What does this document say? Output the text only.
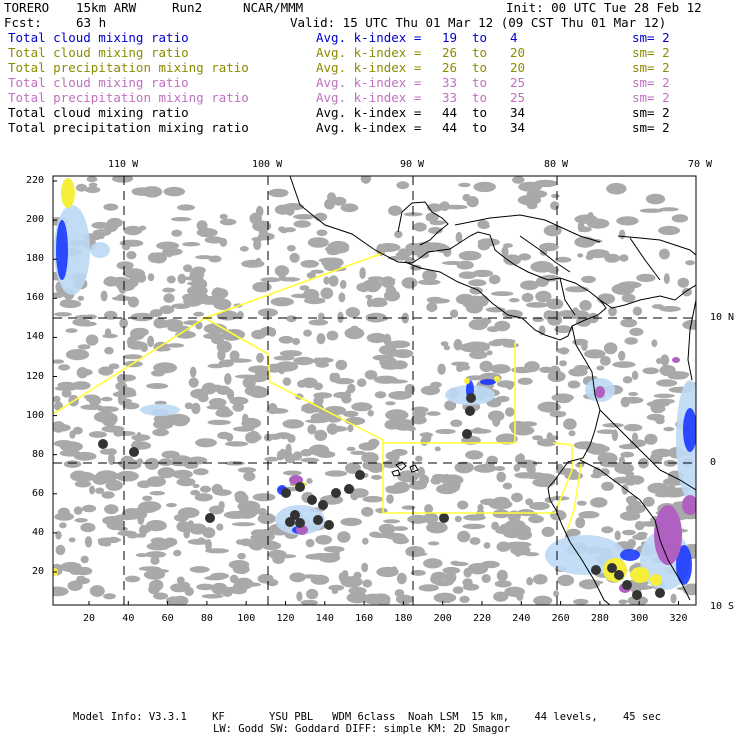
TORERO 15km ARW	Run2	NCAR/MMM	Init: 00 UTC Tue 28 Feb 12
Fcst:	63 h	Valid: 15 UTC Thu 01 Mar 12 (09 CST Thu 01 Mar 12)
Total cloud mixing ratio	Avg. k-index = 19 to 4	sm= 2
Total cloud mixing ratio	Avg. k-index = 26 to 20	sm= 2
Total precipitation mixing ratio	Avg. k-index = 26 to 20	sm= 2
Total cloud mixing ratio	Avg. k-index = 33 to 25	sm= 2
Total precipitation mixing ratio	Avg. k-index = 33 to 25	sm= 2
Total cloud mixing ratio	Avg. k-index = 44 to 34	sm= 2
Total precipitation mixing ratio	Avg. k-index = 44 to 34	sm= 2
110 W	100 W	90 W	80 W	70 W
10 N
0
10 S
220
200
180
160
140
120
100
80
60
40
20
20	40	60	80 100 120 140 160 180 200 220 240 260 280 300 320
Model Info: V3.3.1    KF       YSU PBL   WDM 6class  Noah LSM  15 km,    44 levels,    45 sec
LW: Godd SW: Goddard DIFF: simple KM: 2D Smagor
